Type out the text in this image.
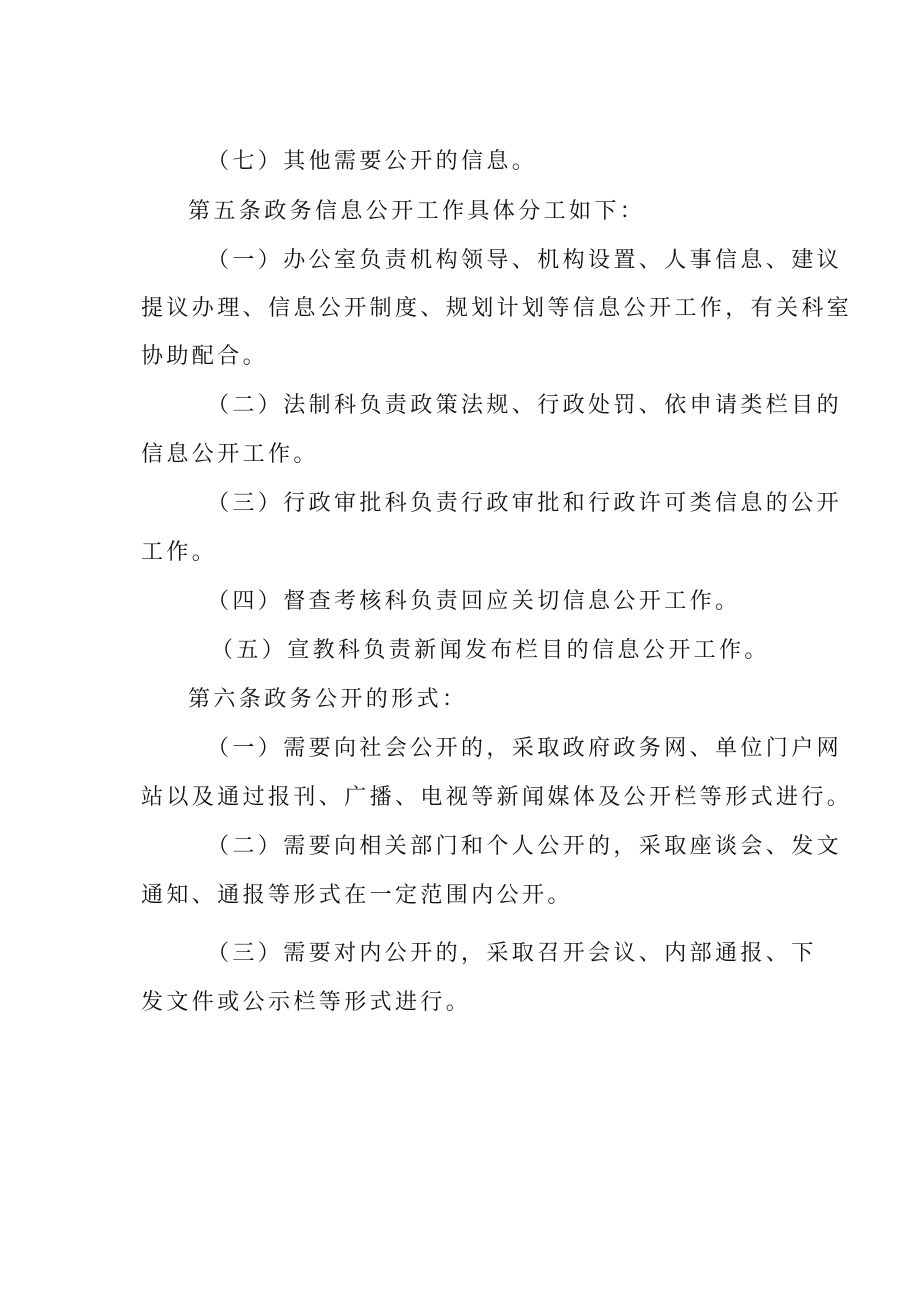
（七）其他需要公开的信息。
第五条政务信息公开工作具体分工如下：
（一）办公室负责机构领导、机构设置、人事信息、建议
提议办理、信息公开制度、规划计划等信息公开工作，有关科室
协助配合。
（二）法制科负责政策法规、行政处罚、依申请类栏目的
信息公开工作。
（三）行政审批科负责行政审批和行政许可类信息的公开
工作。
（四）督查考核科负责回应关切信息公开工作。
（五）宣教科负责新闻发布栏目的信息公开工作。
第六条政务公开的形式：
（一）需要向社会公开的，采取政府政务网、单位门户网
站以及通过报刊、广播、电视等新闻媒体及公开栏等形式进行。
（二）需要向相关部门和个人公开的，采取座谈会、发文
通知、通报等形式在一定范围内公开。
（三）需要对内公开的，采取召开会议、内部通报、下
发文件或公示栏等形式进行。
